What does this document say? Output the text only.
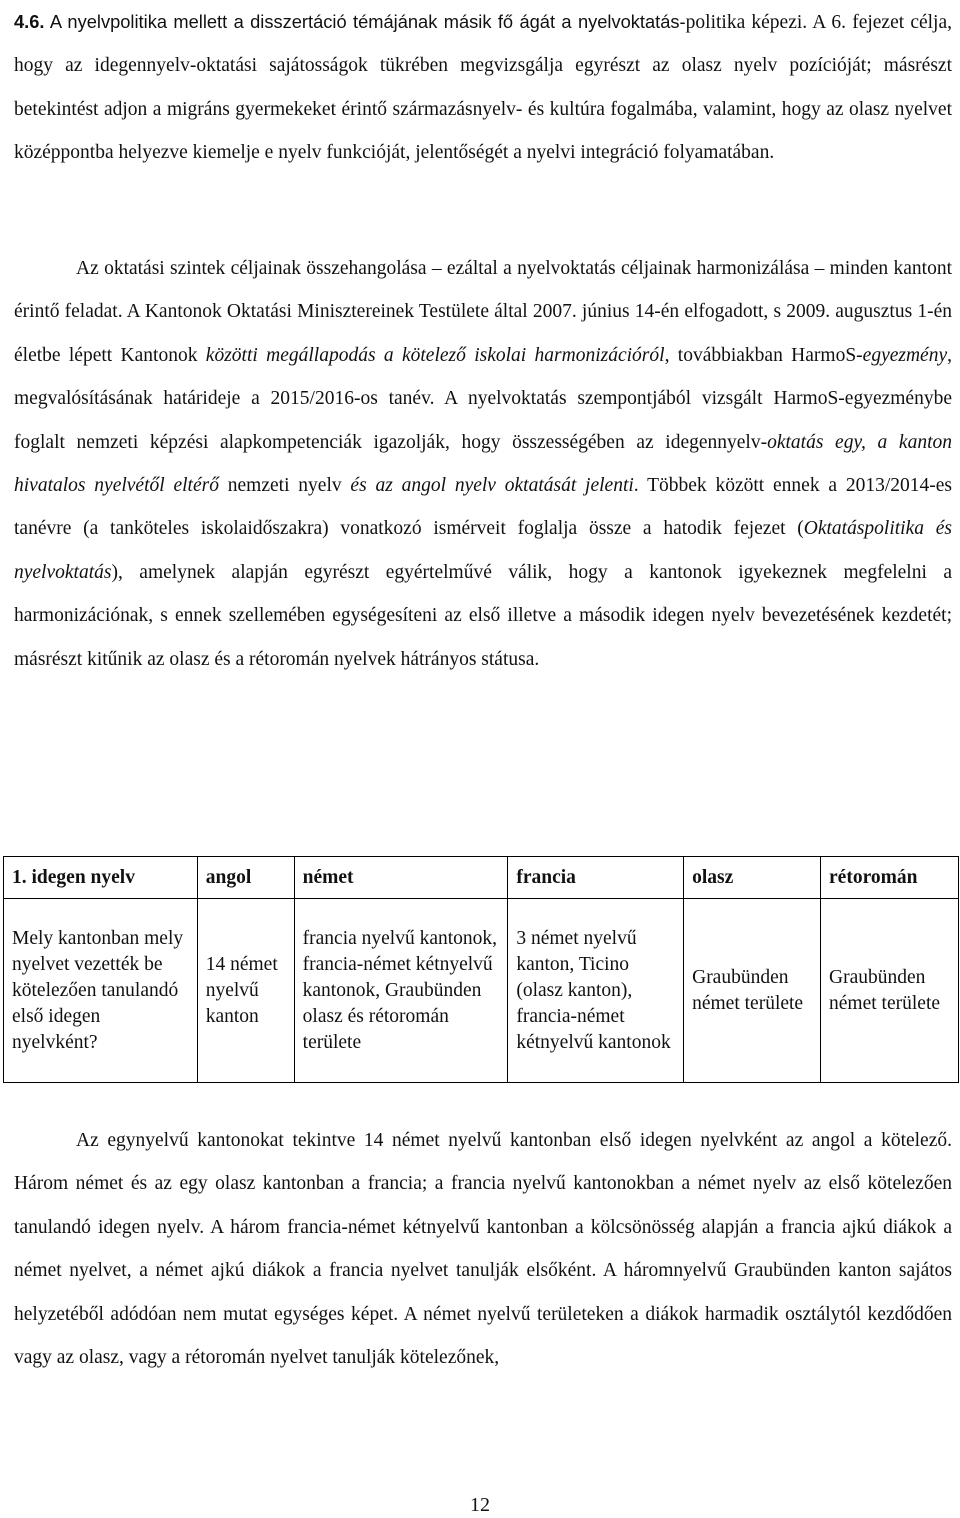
4.6. A nyelvpolitika mellett a disszertáció témájának másik fő ágát a nyelvoktatás-politika képezi. A 6. fejezet célja, hogy az idegennyelv-oktatási sajátosságok tükrében megvizsgálja egyrészt az olasz nyelv pozícióját; másrészt betekintést adjon a migráns gyermekeket érintő származásnyelv- és kultúra fogalmába, valamint, hogy az olasz nyelvet középpontba helyezve kiemelje e nyelv funkcióját, jelentőségét a nyelvi integráció folyamatában.

Az oktatási szintek céljainak összehangolása – ezáltal a nyelvoktatás céljainak harmonizálása – minden kantont érintő feladat. A Kantonok Oktatási Minisztereinek Testülete által 2007. június 14-én elfogadott, s 2009. augusztus 1-én életbe lépett Kantonok közötti megállapodás a kötelező iskolai harmonizációról, továbbiakban HarmoS-egyezmény, megvalósításának határideje a 2015/2016-os tanév. A nyelvoktatás szempontjából vizsgált HarmoS-egyezménybe foglalt nemzeti képzési alapkompetenciák igazolják, hogy összességében az idegennyelv-oktatás egy, a kanton hivatalos nyelvétől eltérő nemzeti nyelv és az angol nyelv oktatását jelenti. Többek között ennek a 2013/2014-es tanévre (a tanköteles iskolaidőszakra) vonatkozó ismérveit foglalja össze a hatodik fejezet (Oktatáspolitika és nyelvoktatás), amelynek alapján egyrészt egyértelművé válik, hogy a kantonok igyekeznek megfelelni a harmonizációnak, s ennek szellemében egységesíteni az első illetve a második idegen nyelv bevezetésének kezdetét; másrészt kitűnik az olasz és a rétoromán nyelvek hátrányos státusa.

1. idegen nyelv	angol	német	francia	olasz	rétoromán
Mely kantonban mely nyelvet vezették be kötelezően tanulandó első idegen nyelvként?	14 német nyelvű kanton	francia nyelvű kantonok, francia-német kétnyelvű kantonok, Graubünden olasz és rétoromán területe	3 német nyelvű kanton, Ticino (olasz kanton), francia-német kétnyelvű kantonok	Graubünden német területe	Graubünden német területe

Az egynyelvű kantonokat tekintve 14 német nyelvű kantonban első idegen nyelvként az angol a kötelező. Három német és az egy olasz kantonban a francia; a francia nyelvű kantonokban a német nyelv az első kötelezően tanulandó idegen nyelv. A három francia-német kétnyelvű kantonban a kölcsönösség alapján a francia ajkú diákok a német nyelvet, a német ajkú diákok a francia nyelvet tanulják elsőként. A háromnyelvű Graubünden kanton sajátos helyzetéből adódóan nem mutat egységes képet. A német nyelvű területeken a diákok harmadik osztálytól kezdődően vagy az olasz, vagy a rétoromán nyelvet tanulják kötelezőnek,

12
